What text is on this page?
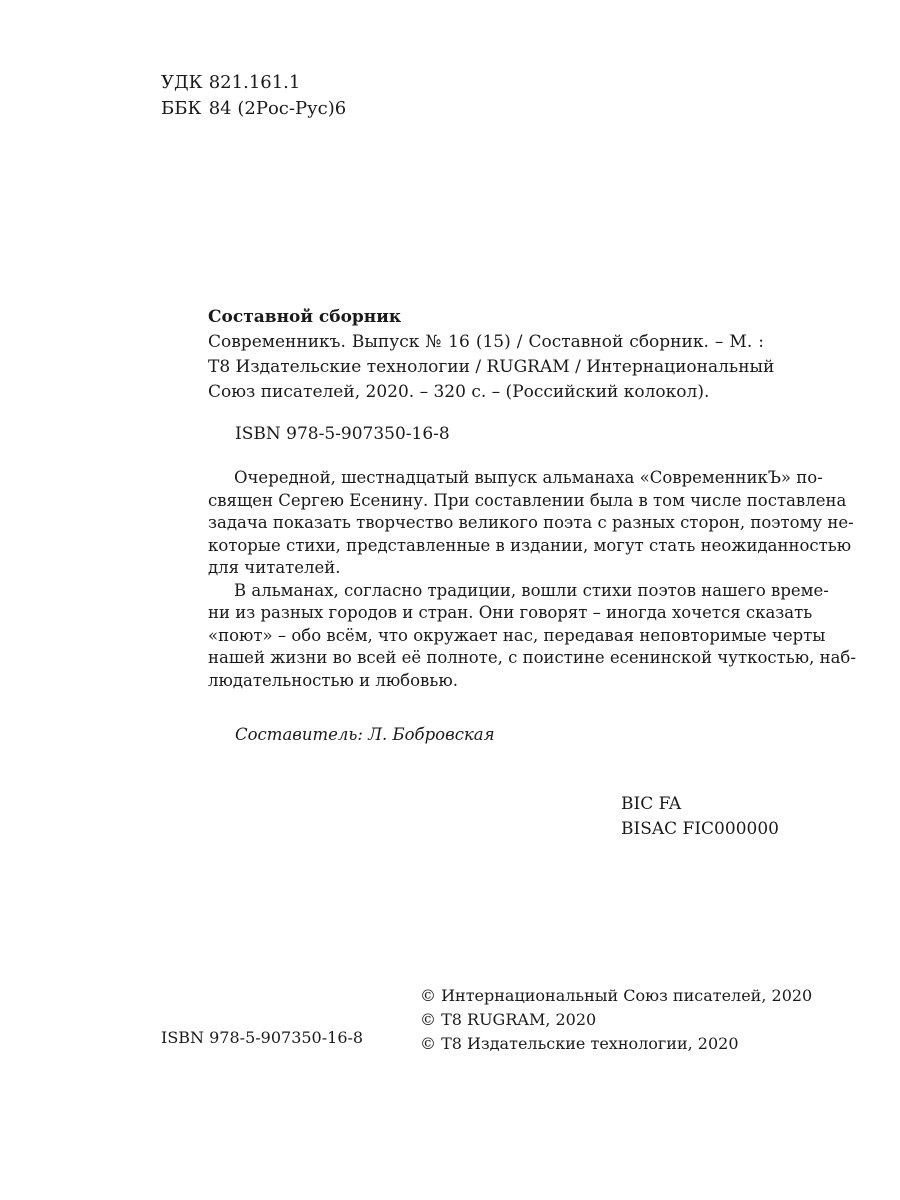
УДК 821.161.1
ББК 84 (2Рос-Рус)6
Составной сборник
Современникъ. Выпуск № 16 (15) / Составной сборник. – М. :
Т8 Издательские технологии / RUGRAM / Интернациональный
Союз писателей, 2020. – 320 с. – (Российский колокол).
ISBN 978-5-907350-16-8
Очередной, шестнадцатый выпуск альманаха «СовременникЪ» по-
священ Сергею Есенину. При составлении была в том числе поставлена
задача показать творчество великого поэта с разных сторон, поэтому не-
которые стихи, представленные в издании, могут стать неожиданностью
для читателей.
В альманах, согласно традиции, вошли стихи поэтов нашего време-
ни из разных городов и стран. Они говорят – иногда хочется сказать
«поют» – обо всём, что окружает нас, передавая неповторимые черты
нашей жизни во всей её полноте, с поистине есенинской чуткостью, наб-
людательностью и любовью.
Составитель: Л. Бобровская
BIC FA
BISAC FIC000000
ISBN 978-5-907350-16-8
© Интернациональный Союз писателей, 2020
© T8 RUGRAM, 2020
© Т8 Издательские технологии, 2020
